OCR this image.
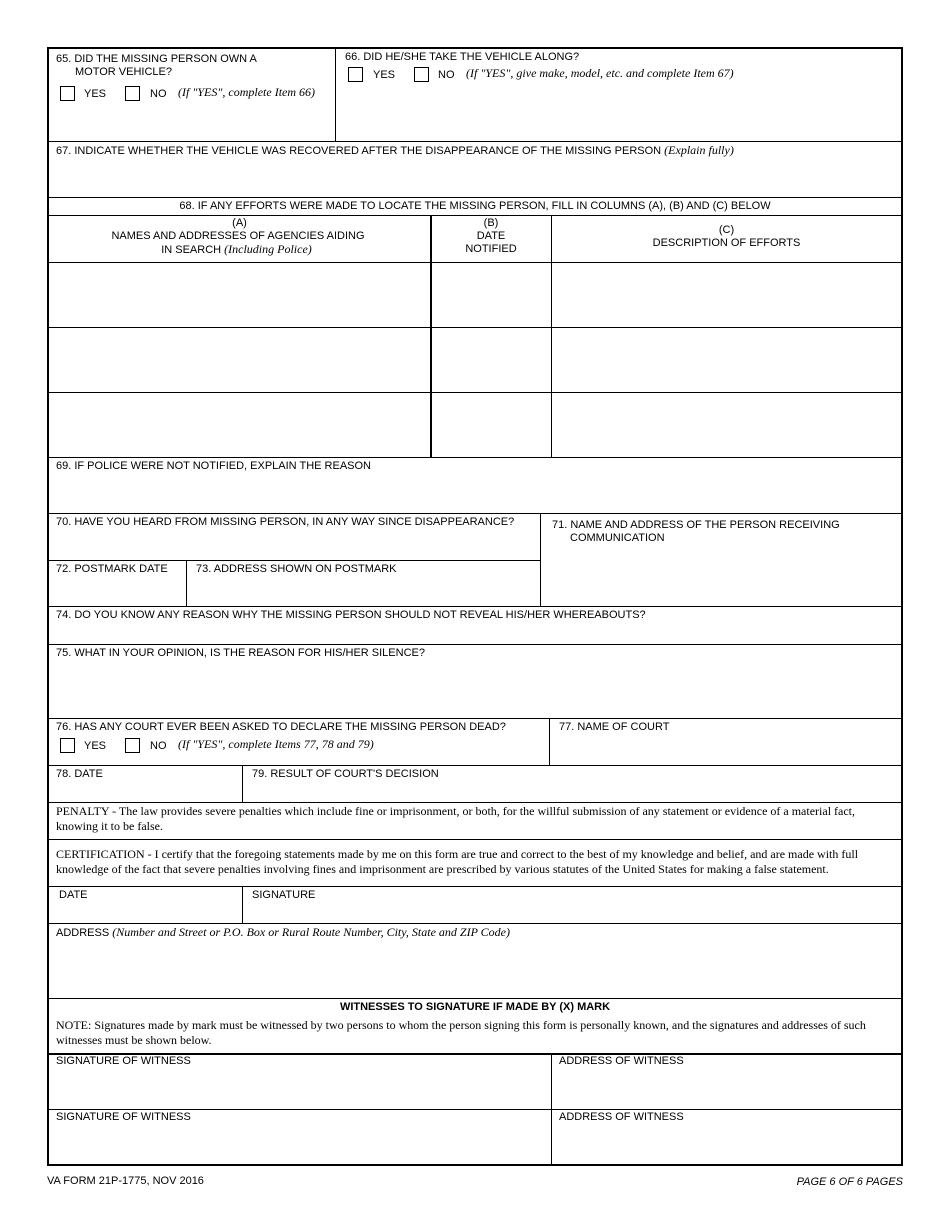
65. DID THE MISSING PERSON OWN A
MOTOR VEHICLE?
YES	NO (If "YES", complete Item 66)
66. DID HE/SHE TAKE THE VEHICLE ALONG?
YES	NO (If "YES", give make, model, etc. and complete Item 67)
67. INDICATE WHETHER THE VEHICLE WAS RECOVERED AFTER THE DISAPPEARANCE OF THE MISSING PERSON (Explain fully)
68. IF ANY EFFORTS WERE MADE TO LOCATE THE MISSING PERSON, FILL IN COLUMNS (A), (B) AND (C) BELOW
(A)
NAMES AND ADDRESSES OF AGENCIES AIDING
IN SEARCH (Including Police)
(B)
DATE
NOTIFIED
(C)
DESCRIPTION OF EFFORTS
69. IF POLICE WERE NOT NOTIFIED, EXPLAIN THE REASON
70. HAVE YOU HEARD FROM MISSING PERSON, IN ANY WAY SINCE DISAPPEARANCE?	71. NAME AND ADDRESS OF THE PERSON RECEIVING
COMMUNICATION
72. POSTMARK DATE	73. ADDRESS SHOWN ON POSTMARK
74. DO YOU KNOW ANY REASON WHY THE MISSING PERSON SHOULD NOT REVEAL HIS/HER WHEREABOUTS?
75. WHAT IN YOUR OPINION, IS THE REASON FOR HIS/HER SILENCE?
76. HAS ANY COURT EVER BEEN ASKED TO DECLARE THE MISSING PERSON DEAD?
YES	NO (If "YES", complete Items 77, 78 and 79)
77. NAME OF COURT
78. DATE	79. RESULT OF COURT'S DECISION
PENALTY - The law provides severe penalties which include fine or imprisonment, or both, for the willful submission of any statement or evidence of a material fact, knowing it to be false.
CERTIFICATION - I certify that the foregoing statements made by me on this form are true and correct to the best of my knowledge and belief, and are made with full knowledge of the fact that severe penalties involving fines and imprisonment are prescribed by various statutes of the United States for making a false statement.
DATE	SIGNATURE
ADDRESS (Number and Street or P.O. Box or Rural Route Number, City, State and ZIP Code)
WITNESSES TO SIGNATURE IF MADE BY (X) MARK
NOTE: Signatures made by mark must be witnessed by two persons to whom the person signing this form is personally known, and the signatures and addresses of such witnesses must be shown below.
SIGNATURE OF WITNESS	ADDRESS OF WITNESS
SIGNATURE OF WITNESS	ADDRESS OF WITNESS
VA FORM 21P-1775, NOV 2016	PAGE 6 OF 6 PAGES
